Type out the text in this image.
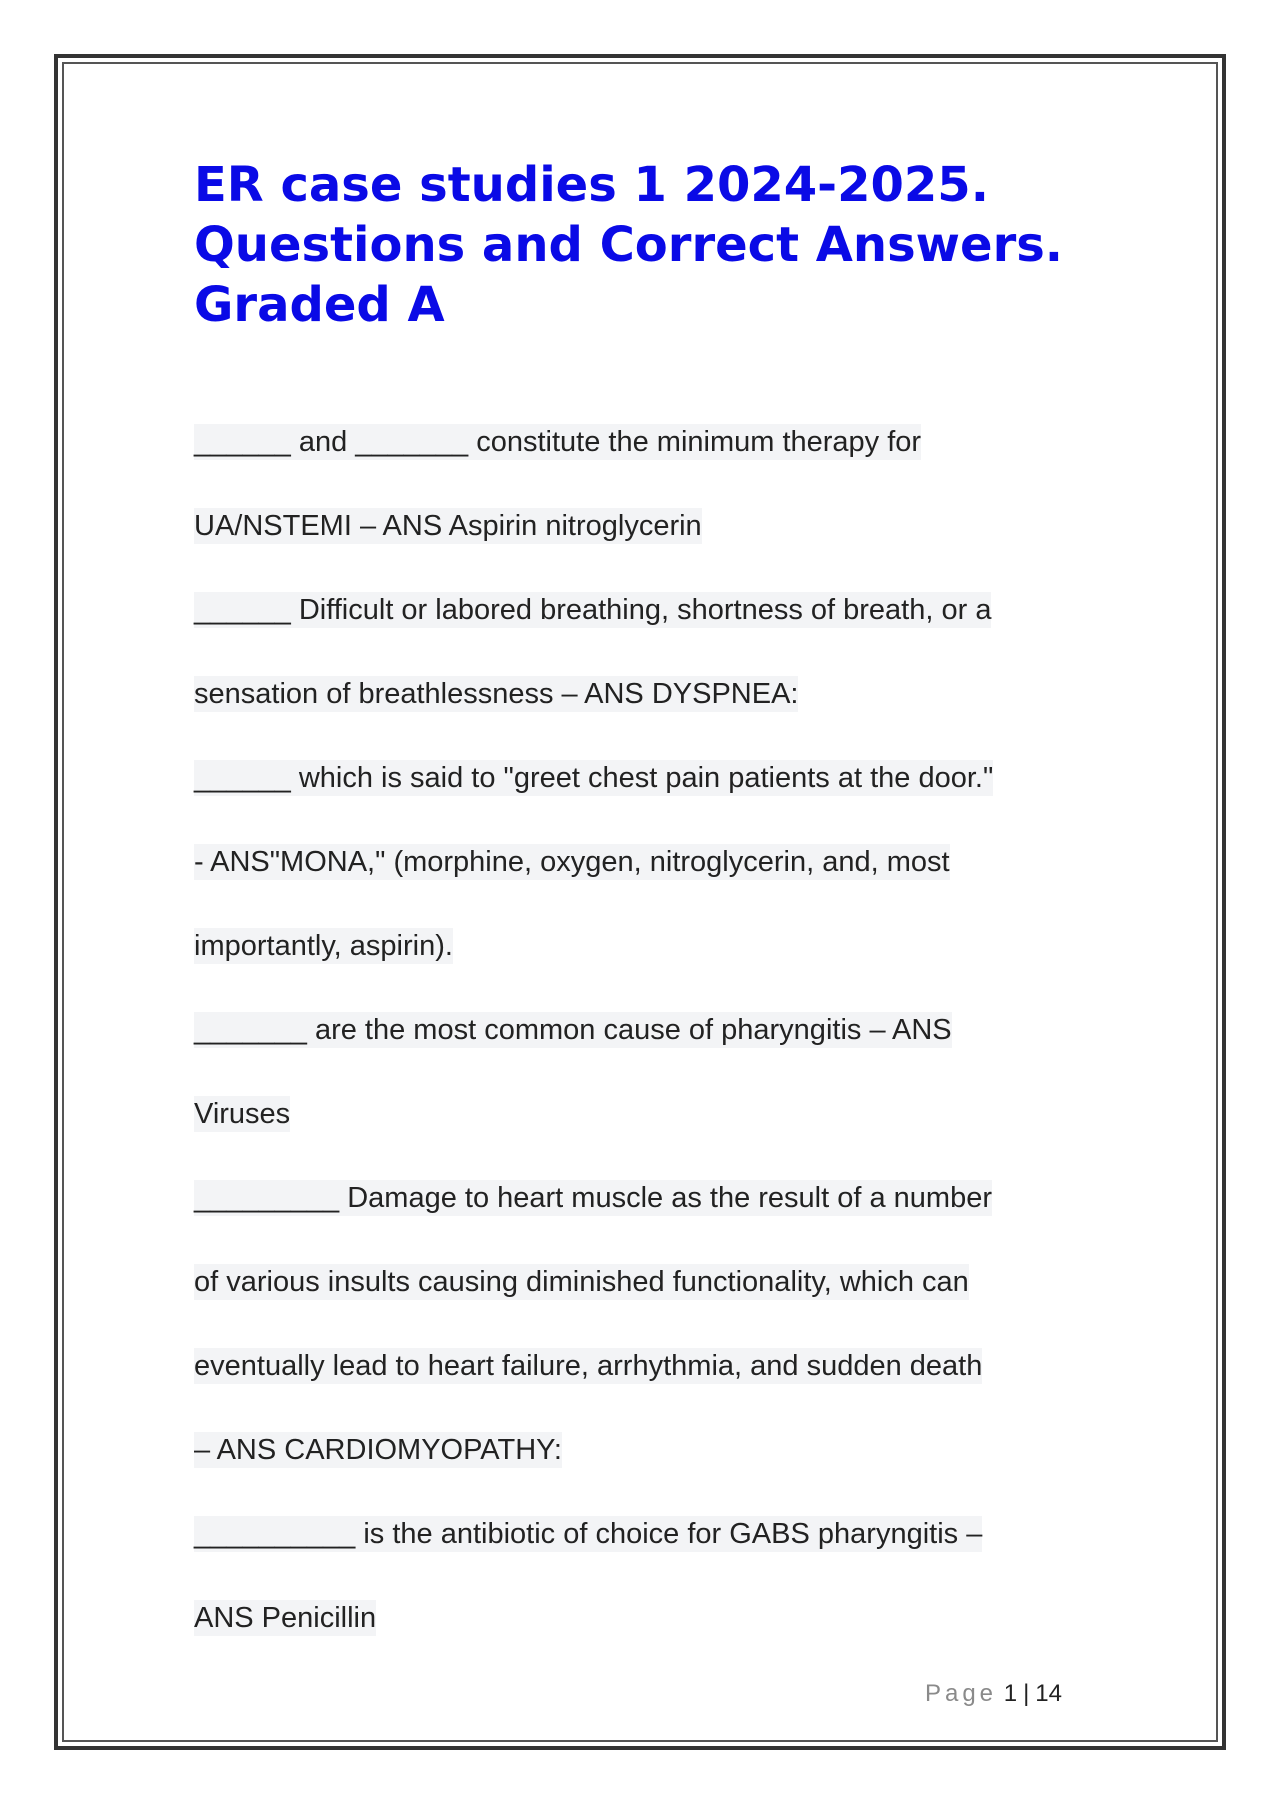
ER case studies 1 2024-2025. Questions and Correct Answers. Graded A
______ and _______ constitute the minimum therapy for
UA/NSTEMI – ANS Aspirin nitroglycerin
______ Difficult or labored breathing, shortness of breath, or a
sensation of breathlessness – ANS DYSPNEA:
______ which is said to "greet chest pain patients at the door."
- ANS"MONA," (morphine, oxygen, nitroglycerin, and, most
importantly, aspirin).
_______ are the most common cause of pharyngitis – ANS
Viruses
_________ Damage to heart muscle as the result of a number
of various insults causing diminished functionality, which can
eventually lead to heart failure, arrhythmia, and sudden death
– ANS CARDIOMYOPATHY:
__________ is the antibiotic of choice for GABS pharyngitis –
ANS Penicillin
Page 1 | 14
